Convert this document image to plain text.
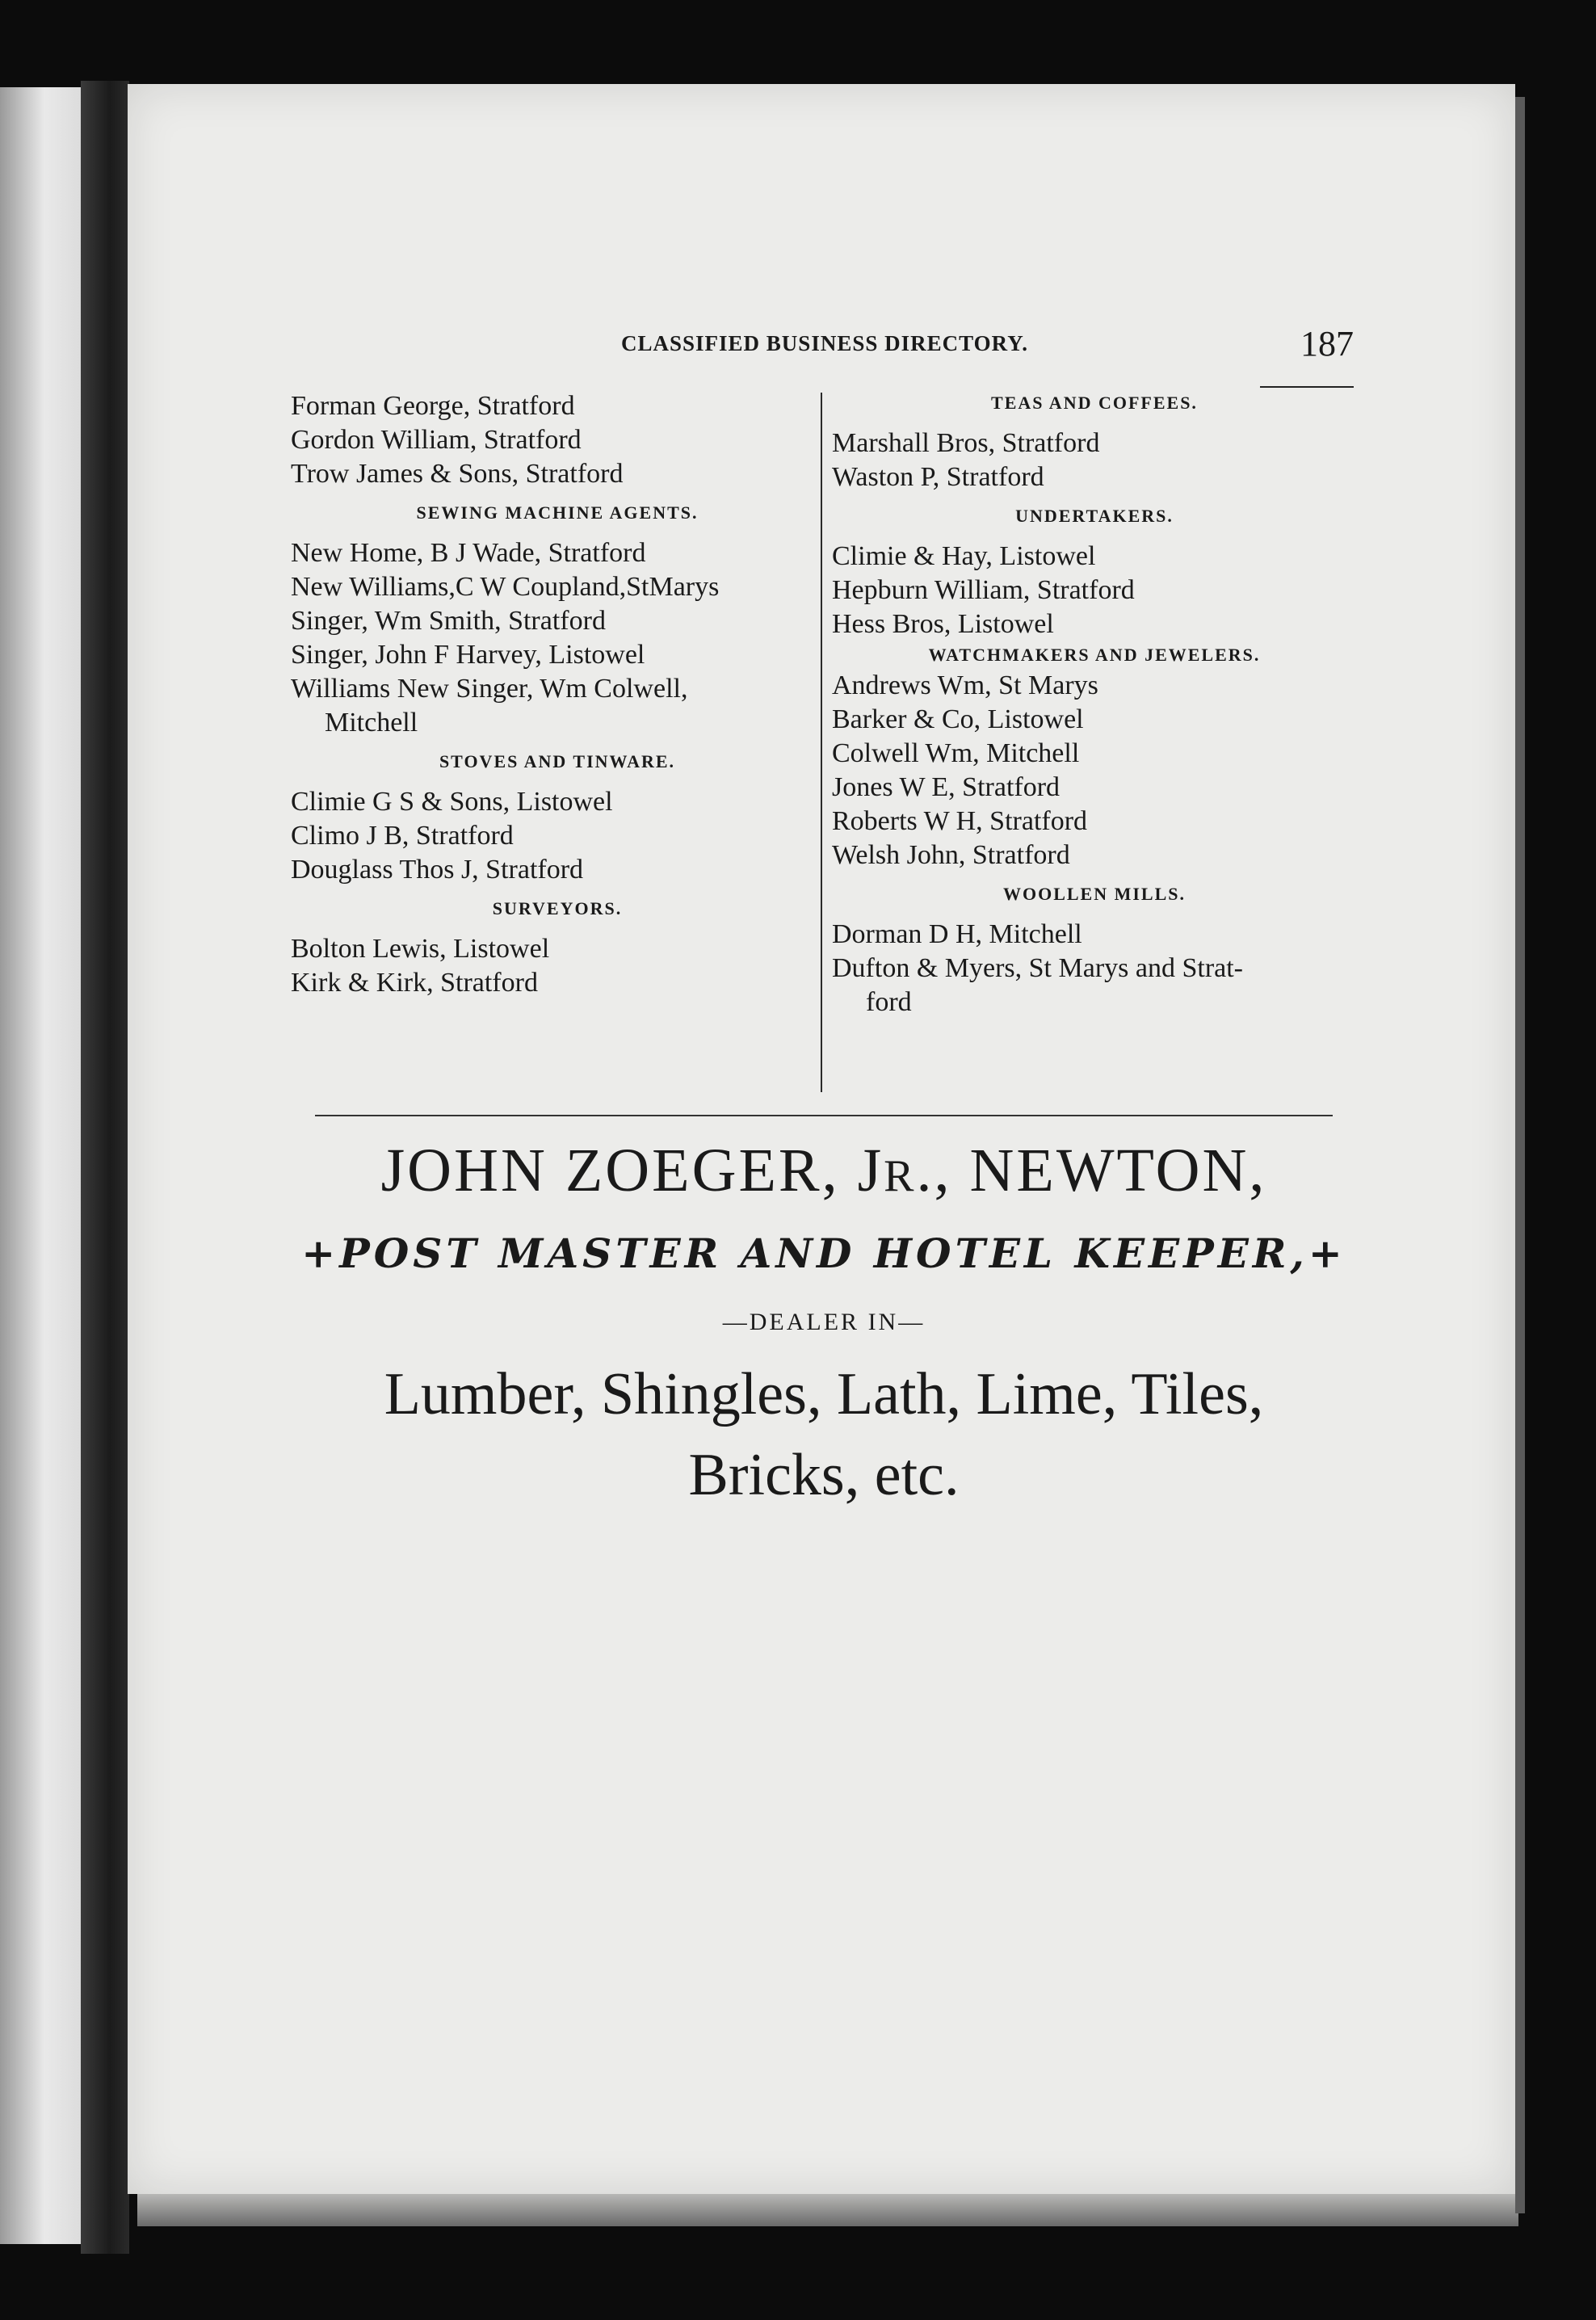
CLASSIFIED BUSINESS DIRECTORY.	187
Forman George, Stratford
Gordon William, Stratford
Trow James & Sons, Stratford
SEWING MACHINE AGENTS.
New Home, B J Wade, Stratford
New Williams,C W Coupland,StMarys
Singer, Wm Smith, Stratford
Singer, John F Harvey, Listowel
Williams New Singer, Wm Colwell,
Mitchell
STOVES AND TINWARE.
Climie G S & Sons, Listowel
Climo J B, Stratford
Douglass Thos J, Stratford
SURVEYORS.
Bolton Lewis, Listowel
Kirk & Kirk, Stratford
TEAS AND COFFEES.
Marshall Bros, Stratford
Waston P, Stratford
UNDERTAKERS.
Climie & Hay, Listowel
Hepburn William, Stratford
Hess Bros, Listowel
WATCHMAKERS AND JEWELERS.
Andrews Wm, St Marys
Barker & Co, Listowel
Colwell Wm, Mitchell
Jones W E, Stratford
Roberts W H, Stratford
Welsh John, Stratford
WOOLLEN MILLS.
Dorman D H, Mitchell
Dufton & Myers, St Marys and Strat-
ford
JOHN ZOEGER, JR., NEWTON,
+POST MASTER AND HOTEL KEEPER,+
—DEALER IN—
Lumber, Shingles, Lath, Lime, Tiles,
Bricks, etc.
